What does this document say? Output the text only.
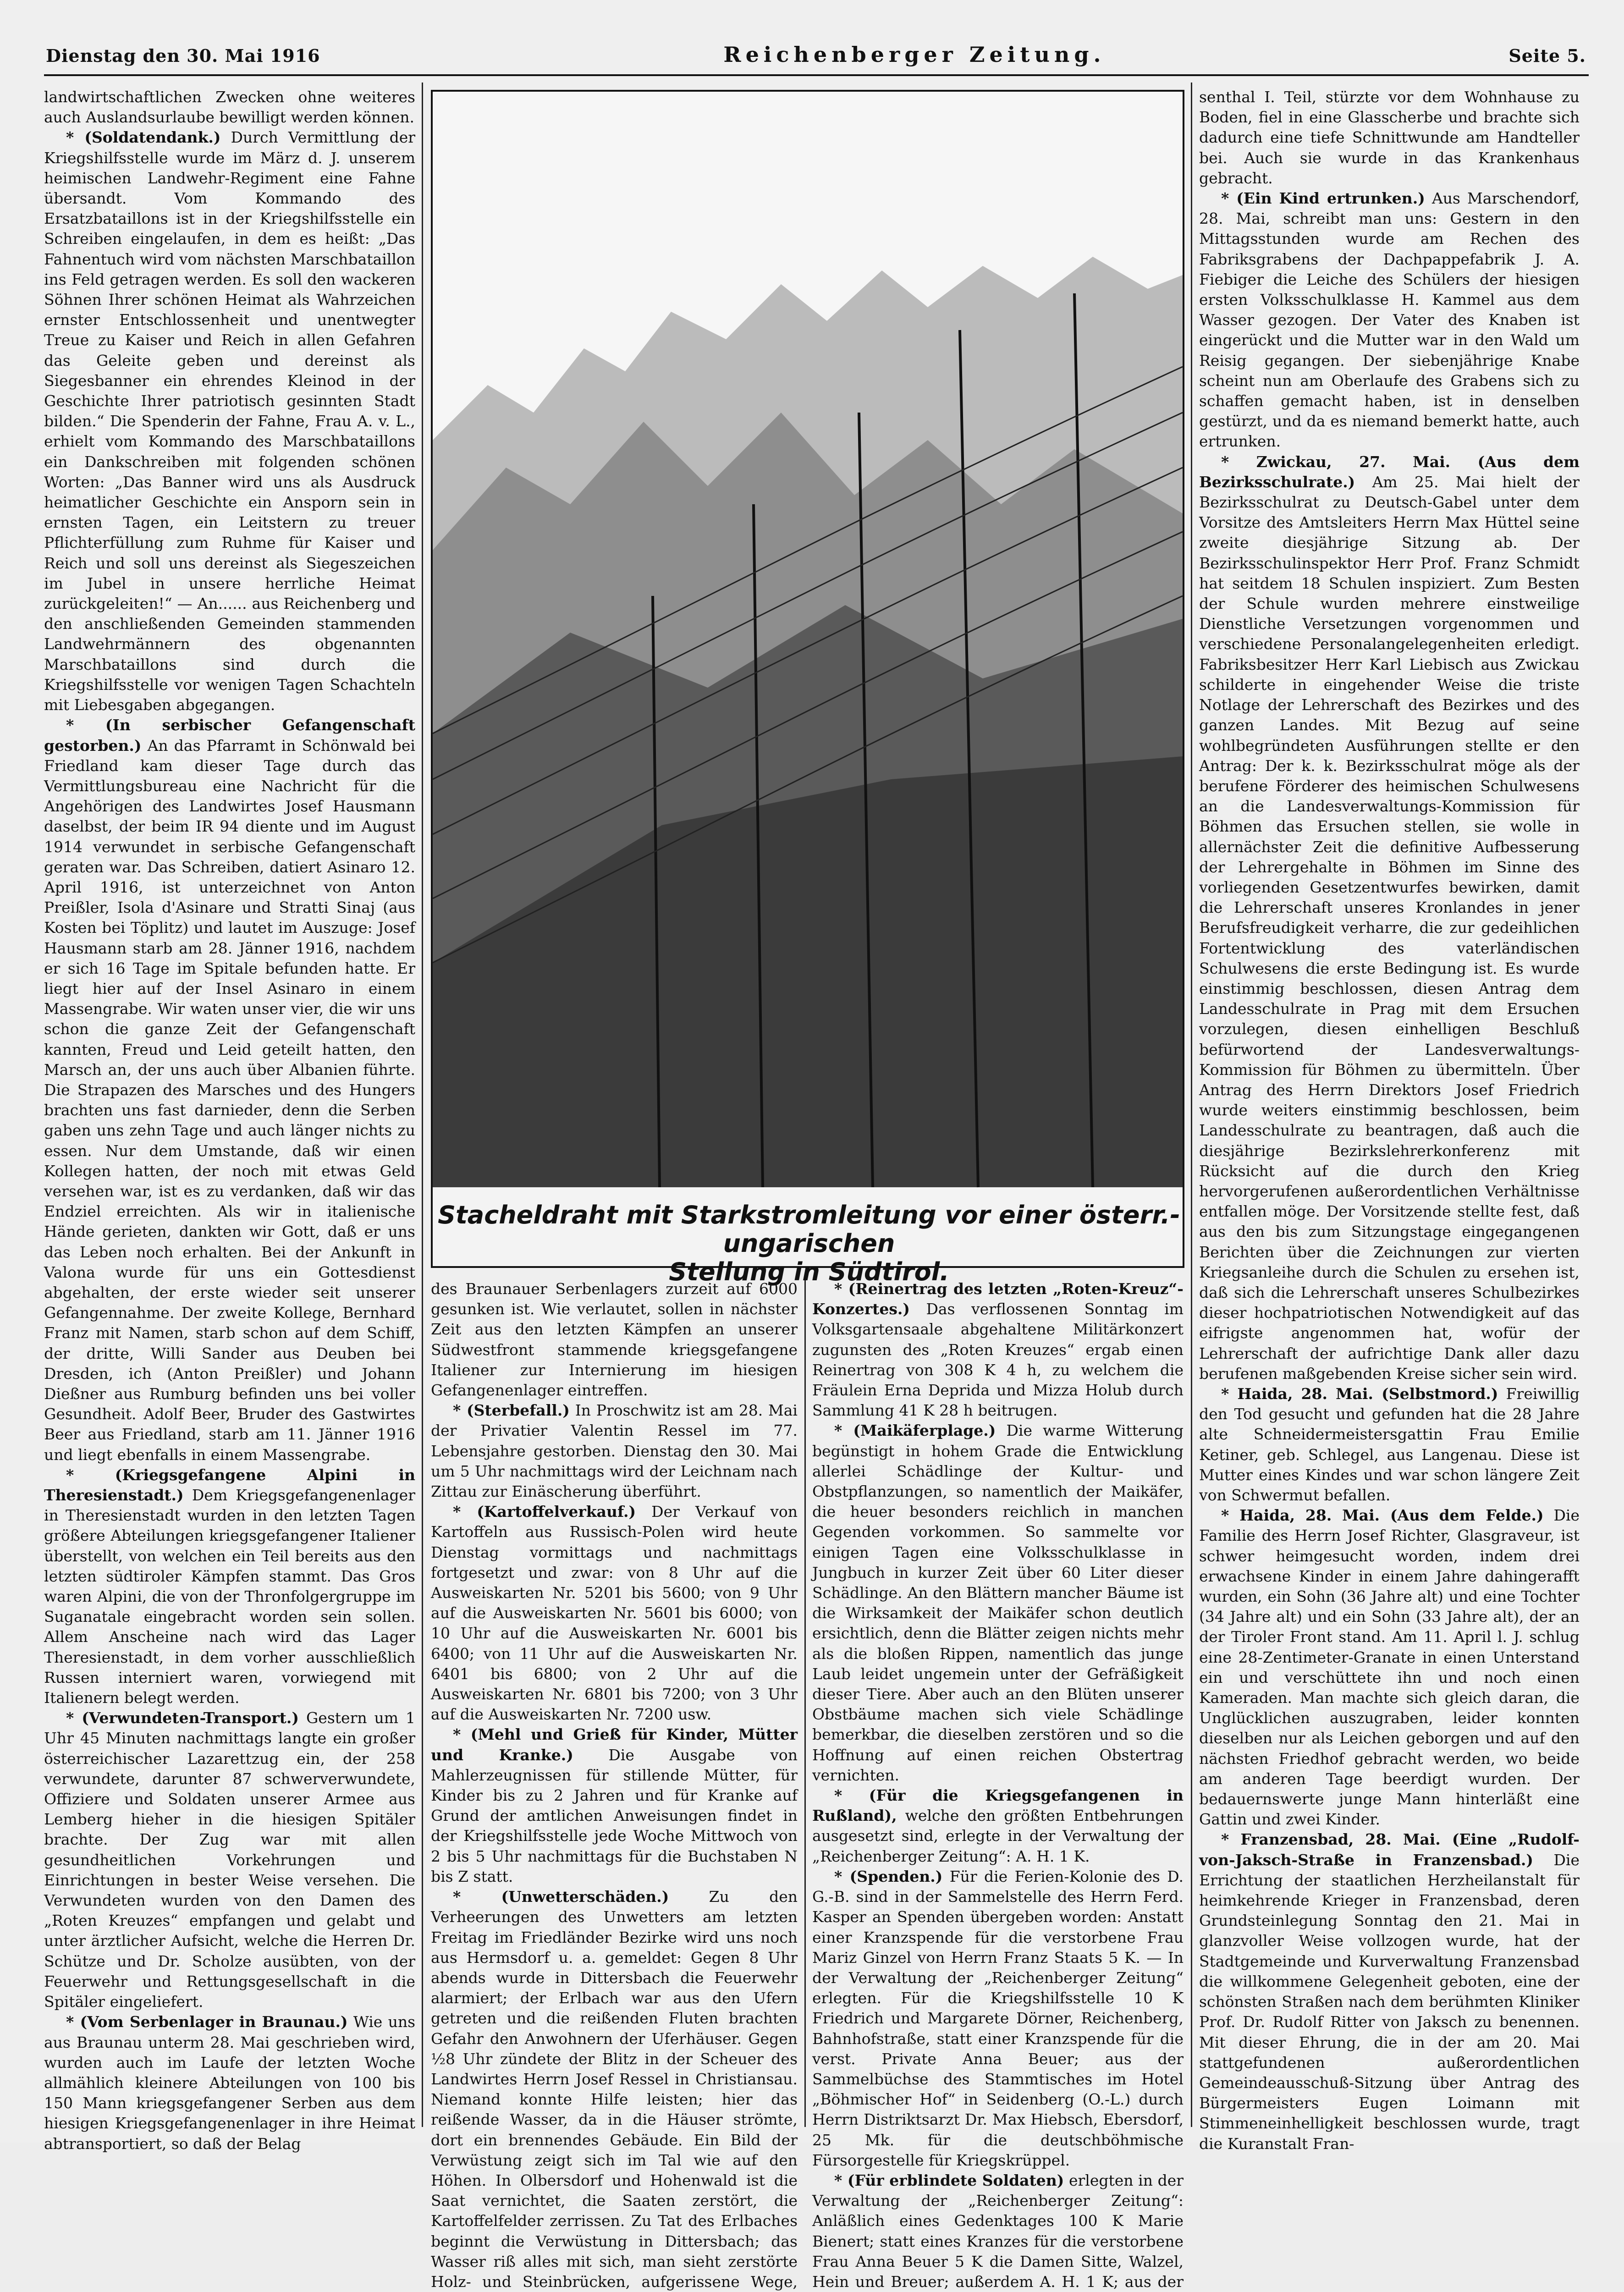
Dienstag den 30. Mai 1916	Reichenberger Zeitung.	Seite 5.

landwirtschaftlichen Zwecken ohne weiteres auch Auslandsurlaube bewilligt werden können.

* (Soldatendank.) Durch Vermittlung der Kriegshilfsstelle wurde im März d. J. unserem heimischen Landwehr-Regiment eine Fahne übersandt. Vom Kommando des Ersatzbataillons ist in der Kriegshilfsstelle ein Schreiben eingelaufen, in dem es heißt: „Das Fahnentuch wird vom nächsten Marschbataillon ins Feld getragen werden. Es soll den wackeren Söhnen Ihrer schönen Heimat als Wahrzeichen ernster Entschlossenheit und unentwegter Treue zu Kaiser und Reich in allen Gefahren das Geleite geben und dereinst als Siegesbanner ein ehrendes Kleinod in der Geschichte Ihrer patriotisch gesinnten Stadt bilden.“ Die Spenderin der Fahne, Frau A. v. L., erhielt vom Kommando des Marschbataillons ein Dankschreiben mit folgenden schönen Worten: „Das Banner wird uns als Ausdruck heimatlicher Geschichte ein Ansporn sein in ernsten Tagen, ein Leitstern zu treuer Pflichterfüllung zum Ruhme für Kaiser und Reich und soll uns dereinst als Siegeszeichen im Jubel in unsere herrliche Heimat zurückgeleiten!“ — An...... aus Reichenberg und den anschließenden Gemeinden stammenden Landwehrmännern des obgenannten Marschbataillons sind durch die Kriegshilfsstelle vor wenigen Tagen Schachteln mit Liebesgaben abgegangen.

* (In serbischer Gefangenschaft gestorben.) An das Pfarramt in Schönwald bei Friedland kam dieser Tage durch das Vermittlungsbureau eine Nachricht für die Angehörigen des Landwirtes Josef Hausmann daselbst, der beim IR 94 diente und im August 1914 verwundet in serbische Gefangenschaft geraten war. Das Schreiben, datiert Asinaro 12. April 1916, ist unterzeichnet von Anton Preißler, Isola d'Asinare und Stratti Sinaj (aus Kosten bei Töplitz) und lautet im Auszuge: Josef Hausmann starb am 28. Jänner 1916, nachdem er sich 16 Tage im Spitale befunden hatte. Er liegt hier auf der Insel Asinaro in einem Massengrabe. Wir waten unser vier, die wir uns schon die ganze Zeit der Gefangenschaft kannten, Freud und Leid geteilt hatten, den Marsch an, der uns auch über Albanien führte. Die Strapazen des Marsches und des Hungers brachten uns fast darnieder, denn die Serben gaben uns zehn Tage und auch länger nichts zu essen. Nur dem Umstande, daß wir einen Kollegen hatten, der noch mit etwas Geld versehen war, ist es zu verdanken, daß wir das Endziel erreichten. Als wir in italienische Hände gerieten, dankten wir Gott, daß er uns das Leben noch erhalten. Bei der Ankunft in Valona wurde für uns ein Gottesdienst abgehalten, der erste wieder seit unserer Gefangennahme. Der zweite Kollege, Bernhard Franz mit Namen, starb schon auf dem Schiff, der dritte, Willi Sander aus Deuben bei Dresden, ich (Anton Preißler) und Johann Dießner aus Rumburg befinden uns bei voller Gesundheit. Adolf Beer, Bruder des Gastwirtes Beer aus Friedland, starb am 11. Jänner 1916 und liegt ebenfalls in einem Massengrabe.

* (Kriegsgefangene Alpini in Theresienstadt.) Dem Kriegsgefangenenlager in Theresienstadt wurden in den letzten Tagen größere Abteilungen kriegsgefangener Italiener überstellt, von welchen ein Teil bereits aus den letzten südtiroler Kämpfen stammt. Das Gros waren Alpini, die von der Thronfolgergruppe im Suganatale eingebracht worden sein sollen. Allem Anscheine nach wird das Lager Theresienstadt, in dem vorher ausschließlich Russen interniert waren, vorwiegend mit Italienern belegt werden.

* (Verwundeten-Transport.) Gestern um 1 Uhr 45 Minuten nachmittags langte ein großer österreichischer Lazarettzug ein, der 258 verwundete, darunter 87 schwerverwundete, Offiziere und Soldaten unserer Armee aus Lemberg hieher in die hiesigen Spitäler brachte. Der Zug war mit allen gesundheitlichen Vorkehrungen und Einrichtungen in bester Weise versehen. Die Verwundeten wurden von den Damen des „Roten Kreuzes“ empfangen und gelabt und unter ärztlicher Aufsicht, welche die Herren Dr. Schütze und Dr. Scholze ausübten, von der Feuerwehr und Rettungsgesellschaft in die Spitäler eingeliefert.

* (Vom Serbenlager in Braunau.) Wie uns aus Braunau unterm 28. Mai geschrieben wird, wurden auch im Laufe der letzten Woche allmählich kleinere Abteilungen von 100 bis 150 Mann kriegsgefangener Serben aus dem hiesigen Kriegsgefangenenlager in ihre Heimat abtransportiert, so daß der Belag

Stacheldraht mit Starkstromleitung vor einer österr.-ungarischen
Stellung in Südtirol.

des Braunauer Serbenlagers zurzeit auf 6000 gesunken ist. Wie verlautet, sollen in nächster Zeit aus den letzten Kämpfen an unserer Südwestfront stammende kriegsgefangene Italiener zur Internierung im hiesigen Gefangenenlager eintreffen.

* (Sterbefall.) In Proschwitz ist am 28. Mai der Privatier Valentin Ressel im 77. Lebensjahre gestorben. Dienstag den 30. Mai um 5 Uhr nachmittags wird der Leichnam nach Zittau zur Einäscherung überführt.

* (Kartoffelverkauf.) Der Verkauf von Kartoffeln aus Russisch-Polen wird heute Dienstag vormittags und nachmittags fortgesetzt und zwar: von 8 Uhr auf die Ausweiskarten Nr. 5201 bis 5600; von 9 Uhr auf die Ausweiskarten Nr. 5601 bis 6000; von 10 Uhr auf die Ausweiskarten Nr. 6001 bis 6400; von 11 Uhr auf die Ausweiskarten Nr. 6401 bis 6800; von 2 Uhr auf die Ausweiskarten Nr. 6801 bis 7200; von 3 Uhr auf die Ausweiskarten Nr. 7200 usw.

* (Mehl und Grieß für Kinder, Mütter und Kranke.) Die Ausgabe von Mahlerzeugnissen für stillende Mütter, für Kinder bis zu 2 Jahren und für Kranke auf Grund der amtlichen Anweisungen findet in der Kriegshilfsstelle jede Woche Mittwoch von 2 bis 5 Uhr nachmittags für die Buchstaben N bis Z statt.

* (Unwetterschäden.)	Zu den Verheerungen des Unwetters am letzten Freitag im Friedländer Bezirke wird uns noch aus Hermsdorf u. a. gemeldet: Gegen 8 Uhr abends wurde in Dittersbach die Feuerwehr alarmiert; der Erlbach war aus den Ufern getreten und die reißenden Fluten brachten Gefahr den Anwohnern der Uferhäuser. Gegen ½8 Uhr zündete der Blitz in der Scheuer des Landwirtes Herrn Josef Ressel in Christiansau. Niemand konnte Hilfe leisten; hier das reißende Wasser, da in die Häuser strömte, dort ein brennendes Gebäude. Ein Bild der Verwüstung zeigt sich im Tal wie auf den Höhen. In Olbersdorf und Hohenwald ist die Saat vernichtet, die Saaten zerstört, die Kartoffelfelder zerrissen. Zu Tat des Erlbaches beginnt die Verwüstung in Dittersbach; das Wasser riß alles mit sich, man sieht zerstörte Holz- und Steinbrücken, aufgerissene Wege,

* (Reinertrag des letzten „Roten-Kreuz“-Konzertes.) Das verflossenen Sonntag im Volksgartensaale abgehaltene Militärkonzert zugunsten des „Roten Kreuzes“ ergab einen Reinertrag von 308 K 4 h, zu welchem die Fräulein Erna Deprida und Mizza Holub durch Sammlung 41 K 28 h beitrugen.

* (Maikäferplage.) Die warme Witterung begünstigt in hohem Grade die Entwicklung allerlei Schädlinge der Kultur- und Obstpflanzungen, so namentlich der Maikäfer, die heuer besonders reichlich in manchen Gegenden vorkommen. So sammelte vor einigen Tagen eine Volksschulklasse in Jungbuch in kurzer Zeit über 60 Liter dieser Schädlinge. An den Blättern mancher Bäume ist die Wirksamkeit der Maikäfer schon deutlich ersichtlich, denn die Blätter zeigen nichts mehr als die bloßen Rippen, namentlich das junge Laub leidet ungemein unter der Gefräßigkeit dieser Tiere. Aber auch an den Blüten unserer Obstbäume machen sich viele Schädlinge bemerkbar, die dieselben zerstören und so die Hoffnung auf einen reichen Obstertrag vernichten.

* (Für die Kriegsgefangenen in Rußland), welche den größten Entbehrungen ausgesetzt sind, erlegte in der Verwaltung der „Reichenberger Zeitung“: A. H. 1 K.

* (Spenden.) Für die Ferien-Kolonie des D. G.-B. sind in der Sammelstelle des Herrn Ferd. Kasper an Spenden übergeben worden: Anstatt einer Kranzspende für die verstorbene Frau Mariz Ginzel von Herrn Franz Staats 5 K. — In der Verwaltung der „Reichenberger Zeitung“ erlegten. Für die Kriegshilfsstelle 10 K Friedrich und Margarete Dörner, Reichenberg, Bahnhofstraße, statt einer Kranzspende für die verst. Private Anna Beuer; aus der Sammelbüchse des Stammtisches im Hotel „Böhmischer Hof“ in Seidenberg (O.-L.) durch Herrn Distriktsarzt Dr. Max Hiebsch, Ebersdorf, 25 Mk. für die deutschböhmische Fürsorgestelle für Kriegskrüppel.

* (Für erblindete Soldaten) erlegten in der Verwaltung der „Reichenberger Zeitung“: Anläßlich eines Gedenktages 100 K Marie Bienert; statt eines Kranzes für die verstorbene Frau Anna Beuer 5 K die Damen Sitte, Walzel, Hein und Breuer; außerdem A. H. 1 K; aus der

senthal I. Teil, stürzte vor dem Wohnhause zu Boden, fiel in eine Glasscherbe und brachte sich dadurch eine tiefe Schnittwunde am Handteller bei. Auch sie wurde in das Krankenhaus gebracht.

* (Ein Kind ertrunken.) Aus Marschendorf, 28. Mai, schreibt man uns: Gestern in den Mittagsstunden wurde am Rechen des Fabriksgrabens der Dachpappefabrik J. A. Fiebiger die Leiche des Schülers der hiesigen ersten Volksschulklasse H. Kammel aus dem Wasser gezogen. Der Vater des Knaben ist eingerückt und die Mutter war in den Wald um Reisig gegangen. Der siebenjährige Knabe scheint nun am Oberlaufe des Grabens sich zu schaffen gemacht haben, ist in denselben gestürzt, und da es niemand bemerkt hatte, auch ertrunken.

* Zwickau, 27. Mai. (Aus dem Bezirksschulrate.) Am 25. Mai hielt der Bezirksschulrat zu Deutsch-Gabel unter dem Vorsitze des Amtsleiters Herrn Max Hüttel seine zweite diesjährige Sitzung ab. Der Bezirksschulinspektor Herr Prof. Franz Schmidt hat seitdem 18 Schulen inspiziert. Zum Besten der Schule wurden mehrere einstweilige Dienstliche Versetzungen vorgenommen und verschiedene Personalangelegenheiten erledigt. Fabriksbesitzer Herr Karl Liebisch aus Zwickau schilderte in eingehender Weise die triste Notlage der Lehrerschaft des Bezirkes und des ganzen Landes. Mit Bezug auf seine wohlbegründeten Ausführungen stellte er den Antrag: Der k. k. Bezirksschulrat möge als der berufene Förderer des heimischen Schulwesens an die Landesverwaltungs-Kommission für Böhmen das Ersuchen stellen, sie wolle in allernächster Zeit die definitive Aufbesserung der Lehrergehalte in Böhmen im Sinne des vorliegenden Gesetzentwurfes bewirken, damit die Lehrerschaft unseres Kronlandes in jener Berufsfreudigkeit verharre, die zur gedeihlichen Fortentwicklung des vaterländischen Schulwesens die erste Bedingung ist. Es wurde einstimmig beschlossen, diesen Antrag dem Landesschulrate in Prag mit dem Ersuchen vorzulegen, diesen einhelligen Beschluß befürwortend der Landesverwaltungs-Kommission für Böhmen zu übermitteln. Über Antrag des Herrn Direktors Josef Friedrich wurde weiters einstimmig beschlossen, beim Landesschulrate zu beantragen, daß auch die diesjährige Bezirkslehrerkonferenz mit Rücksicht auf die durch den Krieg hervorgerufenen außerordentlichen Verhältnisse entfallen möge. Der Vorsitzende stellte fest, daß aus den bis zum Sitzungstage eingegangenen Berichten über die Zeichnungen zur vierten Kriegsanleihe durch die Schulen zu ersehen ist, daß sich die Lehrerschaft unseres Schulbezirkes dieser hochpatriotischen Notwendigkeit auf das eifrigste angenommen hat, wofür der Lehrerschaft der aufrichtige Dank aller dazu berufenen maßgebenden Kreise sicher sein wird.

* Haida, 28. Mai. (Selbstmord.) Freiwillig den Tod gesucht und gefunden hat die 28 Jahre alte Schneidermeistersgattin Frau Emilie Ketiner, geb. Schlegel, aus Langenau. Diese ist Mutter eines Kindes und war schon längere Zeit von Schwermut befallen.

* Haida, 28. Mai. (Aus dem Felde.) Die Familie des Herrn Josef Richter, Glasgraveur, ist schwer heimgesucht worden, indem drei erwachsene Kinder in einem Jahre dahingerafft wurden, ein Sohn (36 Jahre alt) und eine Tochter (34 Jahre alt) und ein Sohn (33 Jahre alt), der an der Tiroler Front stand. Am 11. April l. J. schlug eine 28-Zentimeter-Granate in einen Unterstand ein und verschüttete ihn und noch einen Kameraden. Man machte sich gleich daran, die Unglücklichen auszugraben, leider konnten dieselben nur als Leichen geborgen und auf den nächsten Friedhof gebracht werden, wo beide am anderen Tage beerdigt wurden. Der bedauernswerte junge Mann hinterläßt eine Gattin und zwei Kinder.

* Franzensbad, 28. Mai. (Eine „Rudolf-von-Jaksch-Straße in Franzensbad.) Die Errichtung der staatlichen Herzheilanstalt für heimkehrende Krieger in Franzensbad, deren Grundsteinlegung Sonntag den 21. Mai in glanzvoller Weise vollzogen wurde, hat der Stadtgemeinde und Kurverwaltung Franzensbad die willkommene Gelegenheit geboten, eine der schönsten Straßen nach dem berühmten Kliniker Prof. Dr. Rudolf Ritter von Jaksch zu benennen. Mit dieser Ehrung, die in der am 20. Mai stattgefundenen außerordentlichen Gemeindeausschuß-Sitzung über Antrag des Bürgermeisters Eugen Loimann mit Stimmeneinhelligkeit beschlossen wurde, tragt die Kuranstalt Fran-
